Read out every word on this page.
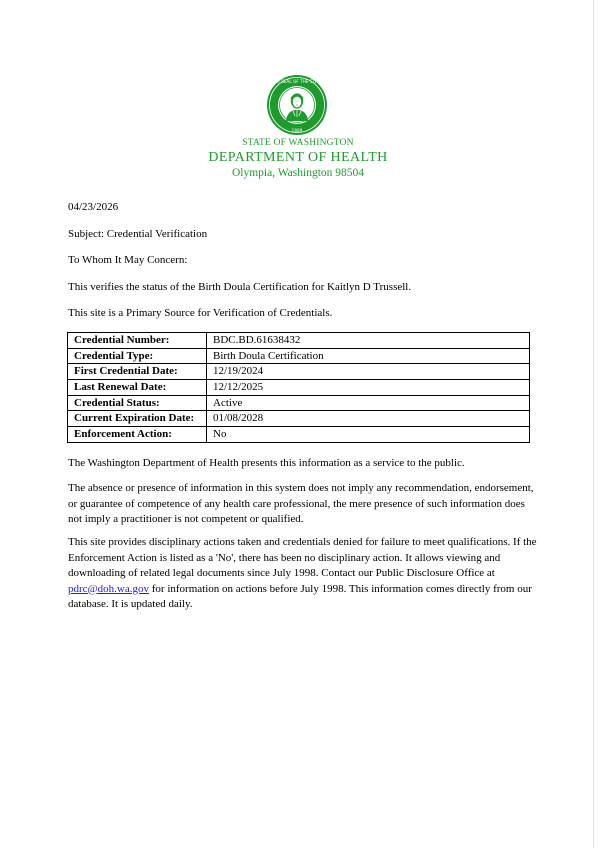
THE SEAL OF THE STATE
1889
STATE OF WASHINGTON
DEPARTMENT OF HEALTH
Olympia, Washington 98504
04/23/2026
Subject: Credential Verification
To Whom It May Concern:
This verifies the status of the Birth Doula Certification for Kaitlyn D Trussell.
This site is a Primary Source for Verification of Credentials.
Credential Number:	BDC.BD.61638432
Credential Type:	Birth Doula Certification
First Credential Date:	12/19/2024
Last Renewal Date:	12/12/2025
Credential Status:	Active
Current Expiration Date:	01/08/2028
Enforcement Action:	No
The Washington Department of Health presents this information as a service to the public.
The absence or presence of information in this system does not imply any recommendation, endorsement, or guarantee of competence of any health care professional, the mere presence of such information does not imply a practitioner is not competent or qualified.
This site provides disciplinary actions taken and credentials denied for failure to meet qualifications. If the Enforcement Action is listed as a 'No', there has been no disciplinary action. It allows viewing and downloading of related legal documents since July 1998. Contact our Public Disclosure Office at pdrc@doh.wa.gov for information on actions before July 1998. This information comes directly from our database. It is updated daily.
